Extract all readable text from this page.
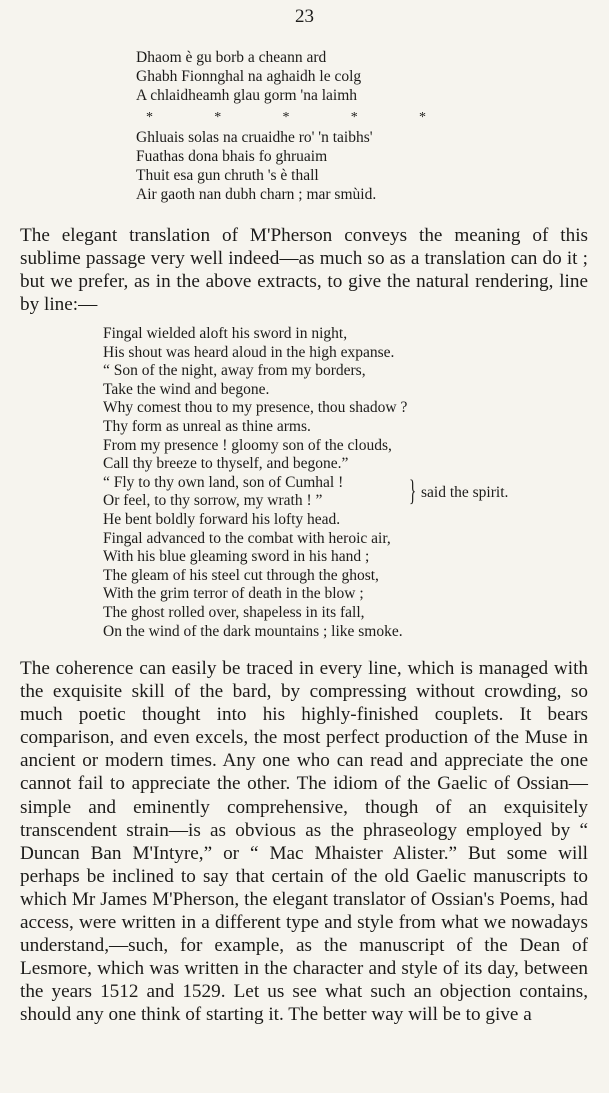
23
Dhaom è gu borb a cheann ard
Ghabh Fionnghal na aghaidh le colg
A chlaidheamh glau gorm 'na laimh
*	*	*	*	*
Ghluais solas na cruaidhe ro' 'n taibhs'
Fuathas dona bhais fo ghruaim
Thuit esa gun chruth 's è thall
Air gaoth nan dubh charn ; mar smùid.

The elegant translation of M'Pherson conveys the meaning of this sublime passage very well indeed—as much so as a translation can do it ; but we prefer, as in the above extracts, to give the natural rendering, line by line:—

Fingal wielded aloft his sword in night,
His shout was heard aloud in the high expanse.
“ Son of the night, away from my borders,
Take the wind and begone.
Why comest thou to my presence, thou shadow ?
Thy form as unreal as thine arms.
From my presence ! gloomy son of the clouds,
Call thy breeze to thyself, and begone.”
“ Fly to thy own land, son of Cumhal !
Or feel, to thy sorrow, my wrath ! ”	} said the spirit.
He bent boldly forward his lofty head.
Fingal advanced to the combat with heroic air,
With his blue gleaming sword in his hand ;
The gleam of his steel cut through the ghost,
With the grim terror of death in the blow ;
The ghost rolled over, shapeless in its fall,
On the wind of the dark mountains ; like smoke.

The coherence can easily be traced in every line, which is managed with the exquisite skill of the bard, by compressing without crowding, so much poetic thought into his highly-finished couplets. It bears comparison, and even excels, the most perfect production of the Muse in ancient or modern times. Any one who can read and appreciate the one cannot fail to appreciate the other. The idiom of the Gaelic of Ossian—simple and eminently comprehensive, though of an exquisitely transcendent strain—is as obvious as the phraseology employed by “ Duncan Ban M'Intyre,” or “ Mac Mhaister Alister.” But some will perhaps be inclined to say that certain of the old Gaelic manuscripts to which Mr James M'Pherson, the elegant translator of Ossian's Poems, had access, were written in a different type and style from what we nowadays understand,—such, for example, as the manuscript of the Dean of Lesmore, which was written in the character and style of its day, between the years 1512 and 1529. Let us see what such an objection contains, should any one think of starting it. The better way will be to give a
